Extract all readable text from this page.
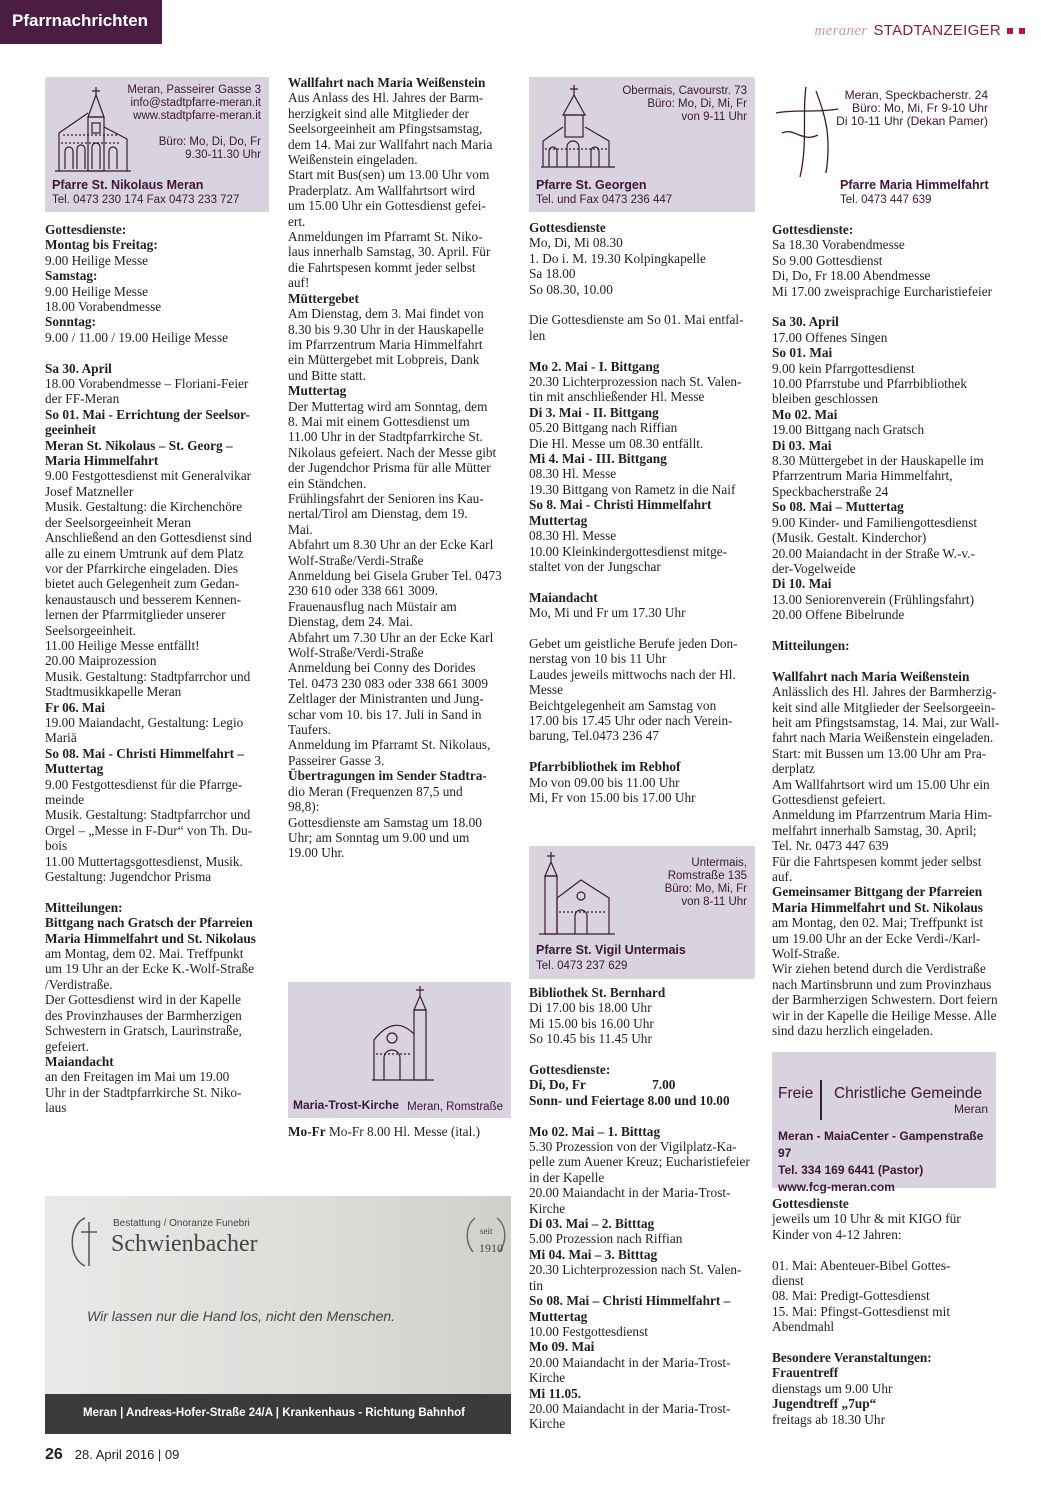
Pfarrnachrichten
meraner STADTANZEIGER
Meran, Passeirer Gasse 3
info@stadtpfarre-meran.it
www.stadtpfarre-meran.it
Büro: Mo, Di, Do, Fr
9.30-11.30 Uhr
Pfarre St. Nikolaus Meran
Tel. 0473 230 174 Fax 0473 233 727
Obermais, Cavourstr. 73
Büro: Mo, Di, Mi, Fr
von 9-11 Uhr
Pfarre St. Georgen
Tel. und Fax 0473 236 447
Meran, Speckbacherstr. 24
Büro: Mo, Mi, Fr 9-10 Uhr
Di 10-11 Uhr (Dekan Pamer)
Pfarre Maria Himmelfahrt
Tel. 0473 447 639

Gottesdienste:

Montag bis Freitag:

9.00 Heilige Messe

Samstag:

9.00 Heilige Messe

18.00 Vorabendmesse

Sonntag:

9.00 / 11.00 / 19.00 Heilige Messe

Sa 30. April

18.00 Vorabendmesse – Floriani-Feier

der FF-Meran

So 01. Mai - Errichtung der Seelsor-

geeinheit

Meran St. Nikolaus – St. Georg –

Maria Himmelfahrt

9.00 Festgottesdienst mit Generalvikar

Josef Matzneller

Musik. Gestaltung: die Kirchenchöre

der Seelsorgeeinheit Meran

Anschließend an den Gottesdienst sind

alle zu einem Umtrunk auf dem Platz

vor der Pfarrkirche eingeladen. Dies

bietet auch Gelegenheit zum Gedan-

kenaustausch und besserem Kennen-

lernen der Pfarrmitglieder unserer

Seelsorgeeinheit.

11.00 Heilige Messe entfällt!

20.00 Maiprozession

Musik. Gestaltung: Stadtpfarrchor und

Stadtmusikkapelle Meran

Fr 06. Mai

19.00 Maiandacht, Gestaltung: Legio

Mariä

So 08. Mai - Christi Himmelfahrt –

Muttertag

9.00 Festgottesdienst für die Pfarrge-

meinde

Musik. Gestaltung: Stadtpfarrchor und

Orgel – „Messe in F-Dur“ von Th. Du-

bois

11.00 Muttertagsgottesdienst, Musik.

Gestaltung: Jugendchor Prisma

Mitteilungen:

Bittgang nach Gratsch der Pfarreien

Maria Himmelfahrt und St. Nikolaus

am Montag, dem 02. Mai. Treffpunkt

um 19 Uhr an der Ecke K.-Wolf-Straße

/Verdistraße.

Der Gottesdienst wird in der Kapelle

des Provinzhauses der Barmherzigen

Schwestern in Gratsch, Laurinstraße,

gefeiert.

Maiandacht

an den Freitagen im Mai um 19.00

Uhr in der Stadtpfarrkirche St. Niko-

laus

Wallfahrt nach Maria Weißenstein

Aus Anlass des Hl. Jahres der Barm-

herzigkeit sind alle Mitglieder der

Seelsorgeeinheit am Pfingstsamstag,

dem 14. Mai zur Wallfahrt nach Maria

Weißenstein eingeladen.

Start mit Bus(sen) um 13.00 Uhr vom

Praderplatz. Am Wallfahrtsort wird

um 15.00 Uhr ein Gottesdienst gefei-

ert.

Anmeldungen im Pfarramt St. Niko-

laus innerhalb Samstag, 30. April. Für

die Fahrtspesen kommt jeder selbst

auf!

Müttergebet

Am Dienstag, dem 3. Mai findet von

8.30 bis 9.30 Uhr in der Hauskapelle

im Pfarrzentrum Maria Himmelfahrt

ein Müttergebet mit Lobpreis, Dank

und Bitte statt.

Muttertag

Der Muttertag wird am Sonntag, dem

8. Mai mit einem Gottesdienst um

11.00 Uhr in der Stadtpfarrkirche St.

Nikolaus gefeiert. Nach der Messe gibt

der Jugendchor Prisma für alle Mütter

ein Ständchen.

Frühlingsfahrt der Senioren ins Kau-

nertal/Tirol am Dienstag, dem 19.

Mai.

Abfahrt um 8.30 Uhr an der Ecke Karl

Wolf-Straße/Verdi-Straße

Anmeldung bei Gisela Gruber Tel. 0473

230 610 oder 338 661 3009.

Frauenausflug nach Müstair am

Dienstag, dem 24. Mai.

Abfahrt um 7.30 Uhr an der Ecke Karl

Wolf-Straße/Verdi-Straße

Anmeldung bei Conny des Dorides

Tel. 0473 230 083 oder 338 661 3009

Zeltlager der Ministranten und Jung-

schar vom 10. bis 17. Juli in Sand in

Taufers.

Anmeldung im Pfarramt St. Nikolaus,

Passeirer Gasse 3.

Übertragungen im Sender Stadtra-

dio Meran (Frequenzen 87,5 und

98,8):

Gottesdienste am Samstag um 18.00

Uhr; am Sonntag um 9.00 und um

19.00 Uhr.

Maria-Trost-Kirche Meran, Romstraße

Mo-Fr Mo-Fr 8.00 Hl. Messe (ital.)

Gottesdienste

Mo, Di, Mi 08.30

1. Do i. M. 19.30 Kolpingkapelle

Sa 18.00

So 08.30, 10.00

Die Gottesdienste am So 01. Mai entfal-

len

Mo 2. Mai - I. Bittgang

20.30 Lichterprozession nach St. Valen-

tin mit anschließender Hl. Messe

Di 3. Mai - II. Bittgang

05.20 Bittgang nach Riffian

Die Hl. Messe um 08.30 entfällt.

Mi 4. Mai - III. Bittgang

08.30 Hl. Messe

19.30 Bittgang von Rametz in die Naif

So 8. Mai - Christi Himmelfahrt

Muttertag

08.30 Hl. Messe

10.00 Kleinkindergottesdienst mitge-

staltet von der Jungschar

Maiandacht

Mo, Mi und Fr um 17.30 Uhr

Gebet um geistliche Berufe jeden Don-

nerstag von 10 bis 11 Uhr

Laudes jeweils mittwochs nach der Hl.

Messe

Beichtgelegenheit am Samstag von

17.00 bis 17.45 Uhr oder nach Verein-

barung, Tel.0473 236 47

Pfarrbibliothek im Rebhof

Mo von 09.00 bis 11.00 Uhr

Mi, Fr von 15.00 bis 17.00 Uhr

Untermais,
Romstraße 135
Büro: Mo, Mi, Fr
von 8-11 Uhr
Pfarre St. Vigil Untermais
Tel. 0473 237 629

Bibliothek St. Bernhard

Di 17.00 bis 18.00 Uhr

Mi 15.00 bis 16.00 Uhr

So 10.45 bis 11.45 Uhr

Gottesdienste:

Di, Do, Fr                    7.00

Sonn- und Feiertage 8.00 und 10.00

Mo 02. Mai – 1. Bitttag

5.30 Prozession von der Vigilplatz-Ka-

pelle zum Auener Kreuz; Eucharistiefeier

in der Kapelle

20.00 Maiandacht in der Maria-Trost-

Kirche

Di 03. Mai – 2. Bitttag

5.00 Prozession nach Riffian

Mi 04. Mai – 3. Bitttag

20.30 Lichterprozession nach St. Valen-

tin

So 08. Mai – Christi Himmelfahrt –

Muttertag

10.00 Festgottesdienst

Mo 09. Mai

20.00 Maiandacht in der Maria-Trost-

Kirche

Mi 11.05.

20.00 Maiandacht in der Maria-Trost-

Kirche

Gottesdienste:

Sa 18.30 Vorabendmesse

So 9.00 Gottesdienst

Di, Do, Fr 18.00 Abendmesse

Mi 17.00 zweisprachige Eurcharistiefeier

Sa 30. April

17.00 Offenes Singen

So 01. Mai

9.00 kein Pfarrgottesdienst

10.00 Pfarrstube und Pfarrbibliothek

bleiben geschlossen

Mo 02. Mai

19.00 Bittgang nach Gratsch

Di 03. Mai

8.30 Müttergebet in der Hauskapelle im

Pfarrzentrum Maria Himmelfahrt,

Speckbacherstraße 24

So 08. Mai – Muttertag

9.00 Kinder- und Familiengottesdienst

(Musik. Gestalt. Kinderchor)

20.00 Maiandacht in der Straße W.-v.-

der-Vogelweide

Di 10. Mai

13.00 Seniorenverein (Frühlingsfahrt)

20.00 Offene Bibelrunde

Mitteilungen:

Wallfahrt nach Maria Weißenstein

Anlässlich des Hl. Jahres der Barmherzig-

keit sind alle Mitglieder der Seelsorgeein-

heit am Pfingstsamstag, 14. Mai, zur Wall-

fahrt nach Maria Weißenstein eingeladen.

Start: mit Bussen um 13.00 Uhr am Pra-

derplatz

Am Wallfahrtsort wird um 15.00 Uhr ein

Gottesdienst gefeiert.

Anmeldung im Pfarrzentrum Maria Him-

melfahrt innerhalb Samstag, 30. April;

Tel. Nr. 0473 447 639

Für die Fahrtspesen kommt jeder selbst

auf.

Gemeinsamer Bittgang der Pfarreien

Maria Himmelfahrt und St. Nikolaus

am Montag, den 02. Mai; Treffpunkt ist

um 19.00 Uhr an der Ecke Verdi-/Karl-

Wolf-Straße.

Wir ziehen betend durch die Verdistraße

nach Martinsbrunn und zum Provinzhaus

der Barmherzigen Schwestern. Dort feiern

wir in der Kapelle die Heilige Messe. Alle

sind dazu herzlich eingeladen.

Freie Christliche Gemeinde
Meran
Meran - MaiaCenter - Gampenstraße 97
Tel. 334 169 6441 (Pastor)
www.fcg-meran.com

Gottesdienste

jeweils um 10 Uhr & mit KIGO für

Kinder von 4-12 Jahren:

01. Mai: Abenteuer-Bibel Gottes-

dienst

08. Mai: Predigt-Gottesdienst

15. Mai: Pfingst-Gottesdienst mit

Abendmahl

Besondere Veranstaltungen:

Frauentreff

dienstags um 9.00 Uhr

Jugendtreff „7up“

freitags ab 18.30 Uhr

Bestattung / Onoranze Funebri
Schwienbacher	seit
1910
Wir lassen nur die Hand los, nicht den Menschen.
Meran | Andreas-Hofer-Straße 24/A | Krankenhaus - Richtung Bahnhof
26 28. April 2016 | 09
